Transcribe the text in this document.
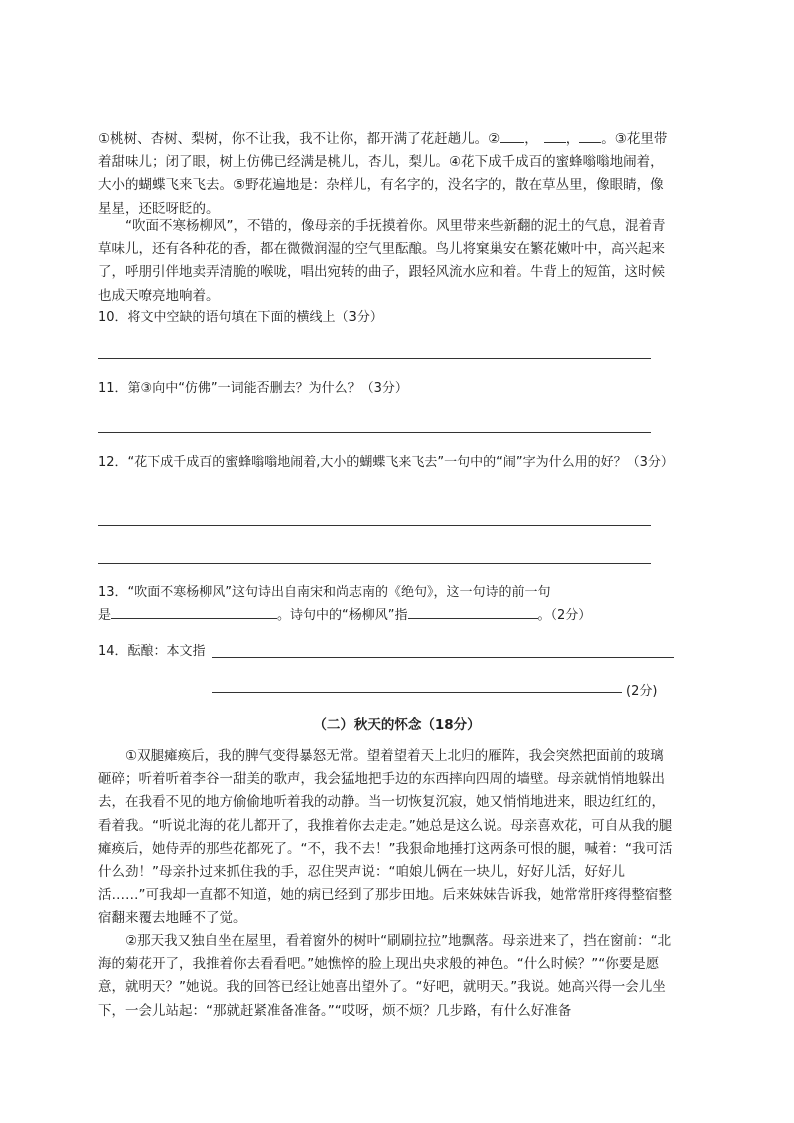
①桃树、杏树、梨树，你不让我，我不让你，都开满了花赶趟儿。② ， ， 。③花里带着甜味儿；闭了眼，树上仿佛已经满是桃儿，杏儿，梨儿。④花下成千成百的蜜蜂嗡嗡地闹着，大小的蝴蝶飞来飞去。⑤野花遍地是：杂样儿，有名字的，没名字的，散在草丛里，像眼睛，像星星，还眨呀眨的。

“吹面不寒杨柳风”，不错的，像母亲的手抚摸着你。风里带来些新翻的泥土的气息，混着青草味儿，还有各种花的香，都在微微润湿的空气里酝酿。鸟儿将窠巢安在繁花嫩叶中，高兴起来了，呼朋引伴地卖弄清脆的喉咙，唱出宛转的曲子，跟轻风流水应和着。牛背上的短笛，这时候也成天嘹亮地响着。

10．将文中空缺的语句填在下面的横线上（3分）

11．第③向中“仿佛”一词能否删去？为什么？（3分）

12．“花下成千成百的蜜蜂嗡嗡地闹着,大小的蝴蝶飞来飞去”一句中的“闹”字为什么用的好？（3分）

13．“吹面不寒杨柳风”这句诗出自南宋和尚志南的《绝句》，这一句诗的前一句
是	。诗句中的“杨柳风”指	。（2分）

14．酝酿：本文指

(2分)
（二）秋天的怀念（18分）

①双腿瘫痪后，我的脾气变得暴怒无常。望着望着天上北归的雁阵，我会突然把面前的玻璃砸碎；听着听着李谷一甜美的歌声，我会猛地把手边的东西摔向四周的墙壁。母亲就悄悄地躲出去，在我看不见的地方偷偷地听着我的动静。当一切恢复沉寂，她又悄悄地进来，眼边红红的，看着我。“听说北海的花儿都开了，我推着你去走走。”她总是这么说。母亲喜欢花，可自从我的腿瘫痪后，她侍弄的那些花都死了。“不，我不去！”我狠命地捶打这两条可恨的腿，喊着：“我可活什么劲！”母亲扑过来抓住我的手，忍住哭声说：“咱娘儿俩在一块儿，好好儿活，好好儿活……”可我却一直都不知道，她的病已经到了那步田地。后来妹妹告诉我，她常常肝疼得整宿整宿翻来覆去地睡不了觉。

②那天我又独自坐在屋里，看着窗外的树叶“刷刷拉拉”地飘落。母亲进来了，挡在窗前：“北海的菊花开了，我推着你去看看吧。”她憔悴的脸上现出央求般的神色。“什么时候？”“你要是愿意，就明天？”她说。我的回答已经让她喜出望外了。“好吧，就明天。”我说。她高兴得一会儿坐下，一会儿站起：“那就赶紧准备准备。”“哎呀，烦不烦？几步路，有什么好准备
